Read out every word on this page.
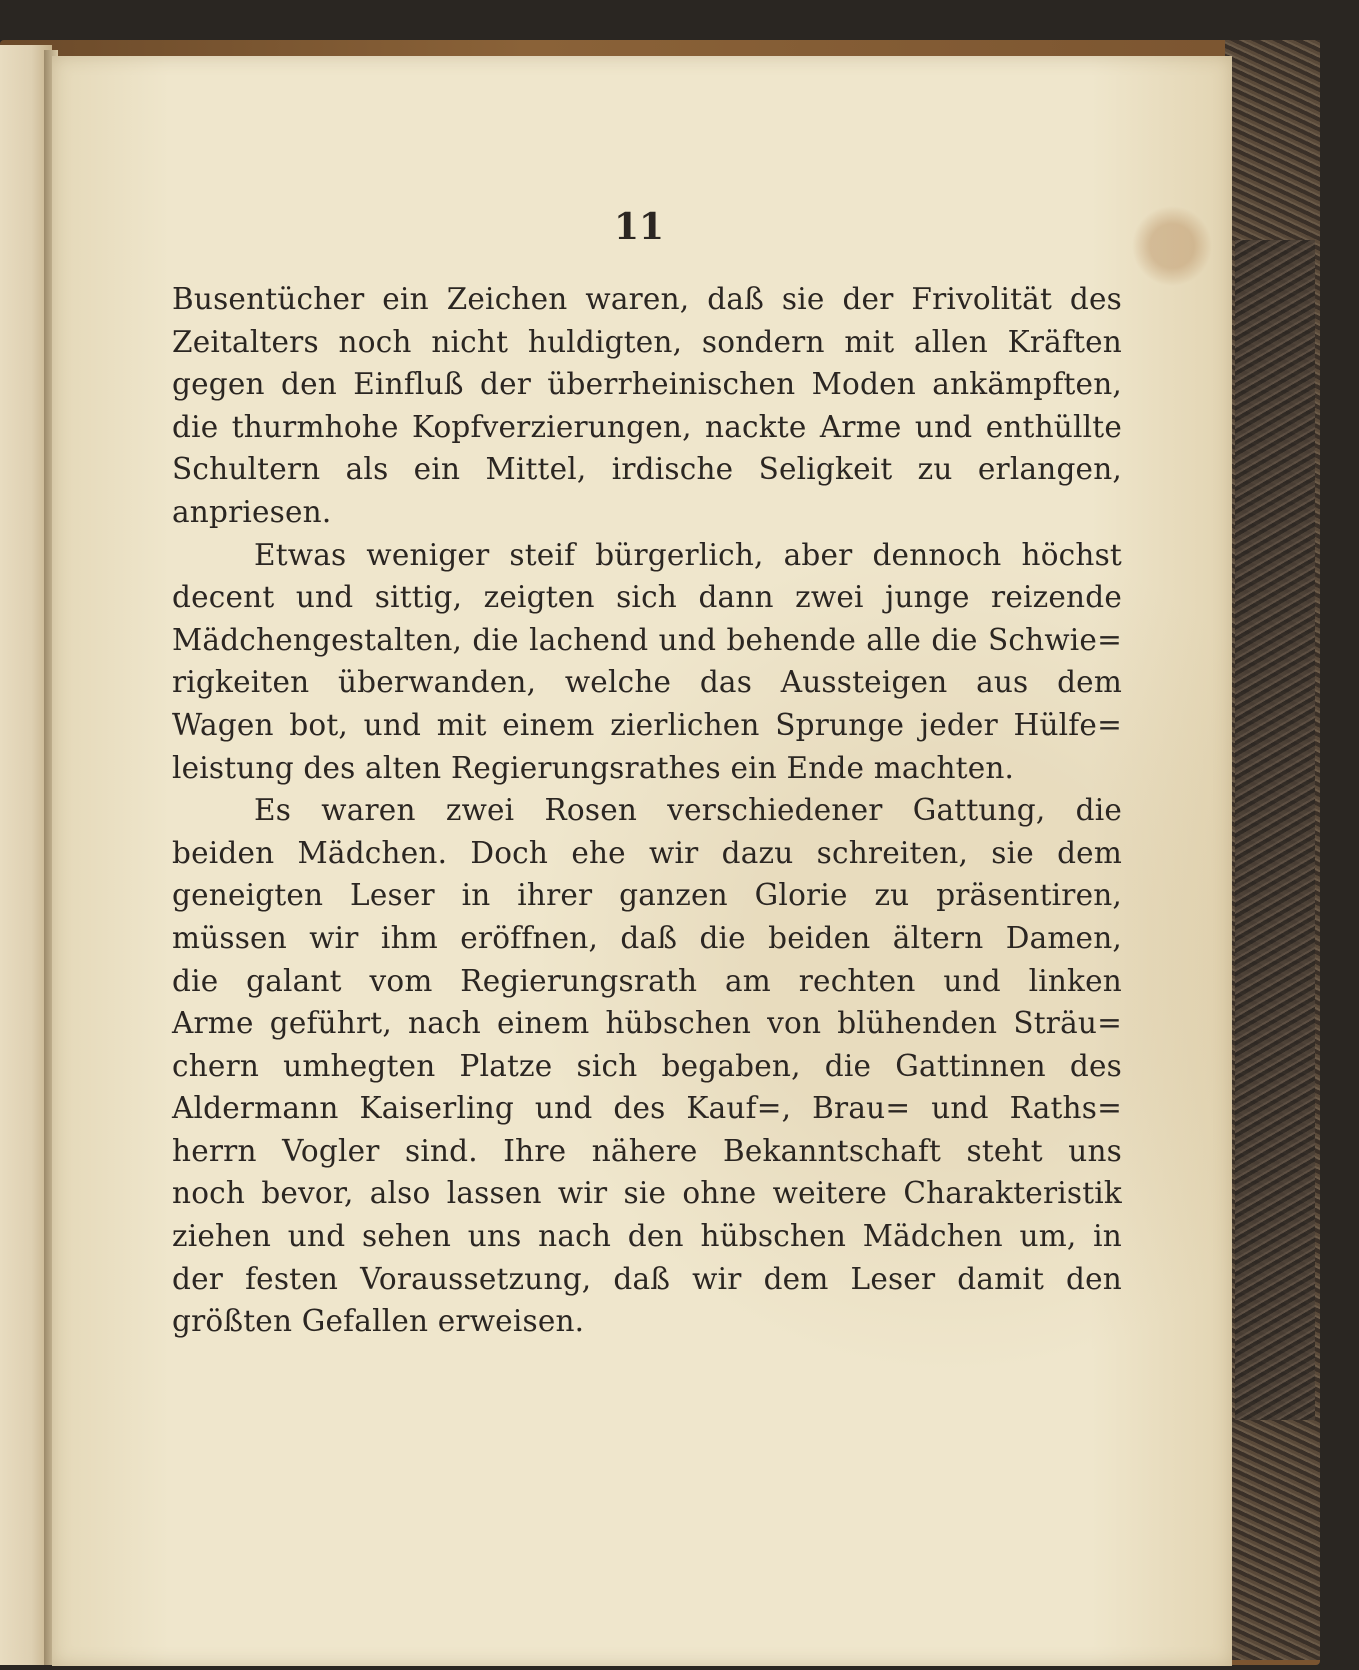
11
Busentücher ein Zeichen waren, daß sie der Frivolität des
Zeitalters noch nicht huldigten, sondern mit allen Kräften
gegen den Einfluß der überrheinischen Moden ankämpften,
die thurmhohe Kopfverzierungen, nackte Arme und enthüllte
Schultern als ein Mittel, irdische Seligkeit zu erlangen,
anpriesen.
Etwas weniger steif bürgerlich, aber dennoch höchst
decent und sittig, zeigten sich dann zwei junge reizende
Mädchengestalten, die lachend und behende alle die Schwie=
rigkeiten überwanden, welche das Aussteigen aus dem
Wagen bot, und mit einem zierlichen Sprunge jeder Hülfe=
leistung des alten Regierungsrathes ein Ende machten.
Es waren zwei Rosen verschiedener Gattung, die
beiden Mädchen. Doch ehe wir dazu schreiten, sie dem
geneigten Leser in ihrer ganzen Glorie zu präsentiren,
müssen wir ihm eröffnen, daß die beiden ältern Damen,
die galant vom Regierungsrath am rechten und linken
Arme geführt, nach einem hübschen von blühenden Sträu=
chern umhegten Platze sich begaben, die Gattinnen des
Aldermann Kaiserling und des Kauf=, Brau= und Raths=
herrn Vogler sind. Ihre nähere Bekanntschaft steht uns
noch bevor, also lassen wir sie ohne weitere Charakteristik
ziehen und sehen uns nach den hübschen Mädchen um, in
der festen Voraussetzung, daß wir dem Leser damit den
größten Gefallen erweisen.
